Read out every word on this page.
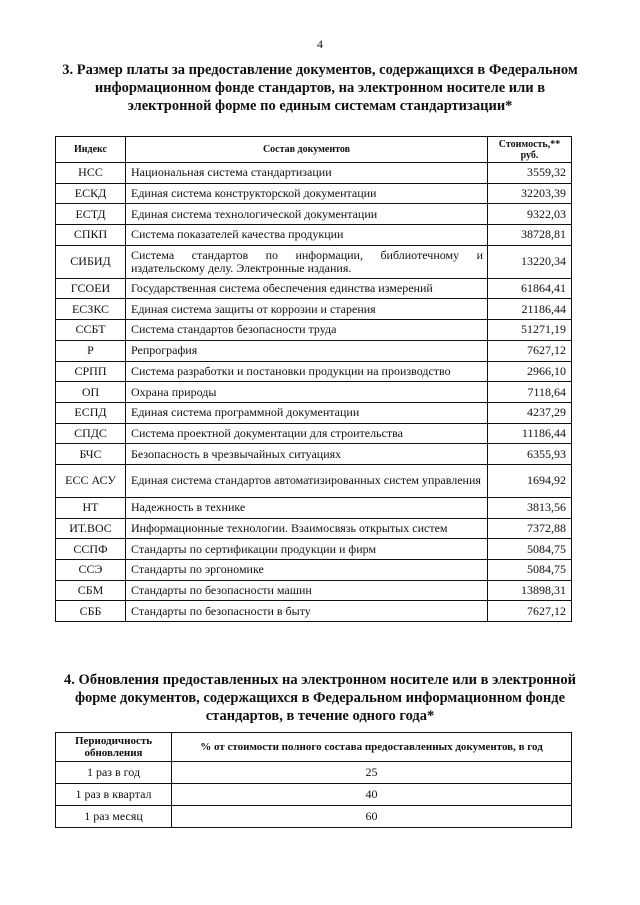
4
3. Размер платы за предоставление документов, содержащихся в Федеральном информационном фонде стандартов, на электронном носителе или в электронной форме по единым системам стандартизации*
Индекс	Состав документов	Стоимость,** руб.
НСС	Национальная система стандартизации	3559,32
ЕСКД	Единая система конструкторской документации	32203,39
ЕСТД	Единая система технологической документации	9322,03
СПКП	Система показателей качества продукции	38728,81
СИБИД	Система стандартов по информации, библиотечному и издательскому делу. Электронные издания.	13220,34
ГСОЕИ	Государственная система обеспечения единства измерений	61864,41
ЕСЗКС	Единая система защиты от коррозии и старения	21186,44
ССБТ	Система стандартов безопасности труда	51271,19
Р	Репрография	7627,12
СРПП	Система разработки и постановки продукции на производство	2966,10
ОП	Охрана природы	7118,64
ЕСПД	Единая система программной документации	4237,29
СПДС	Система проектной документации для строительства	11186,44
БЧС	Безопасность в чрезвычайных ситуациях	6355,93
ЕСС АСУ	Единая система стандартов автоматизированных систем управления	1694,92
НТ	Надежность в технике	3813,56
ИТ.ВОС	Информационные технологии. Взаимосвязь открытых систем	7372,88
ССПФ	Стандарты по сертификации продукции и фирм	5084,75
ССЭ	Стандарты по эргономике	5084,75
СБМ	Стандарты по безопасности машин	13898,31
СББ	Стандарты по безопасности в быту	7627,12
4. Обновления предоставленных на электронном носителе или в электронной форме документов, содержащихся в Федеральном информационном фонде стандартов, в течение одного года*
Периодичность обновления	% от стоимости полного состава предоставленных документов, в год
1 раз в год	25
1 раз в квартал	40
1 раз месяц	60
